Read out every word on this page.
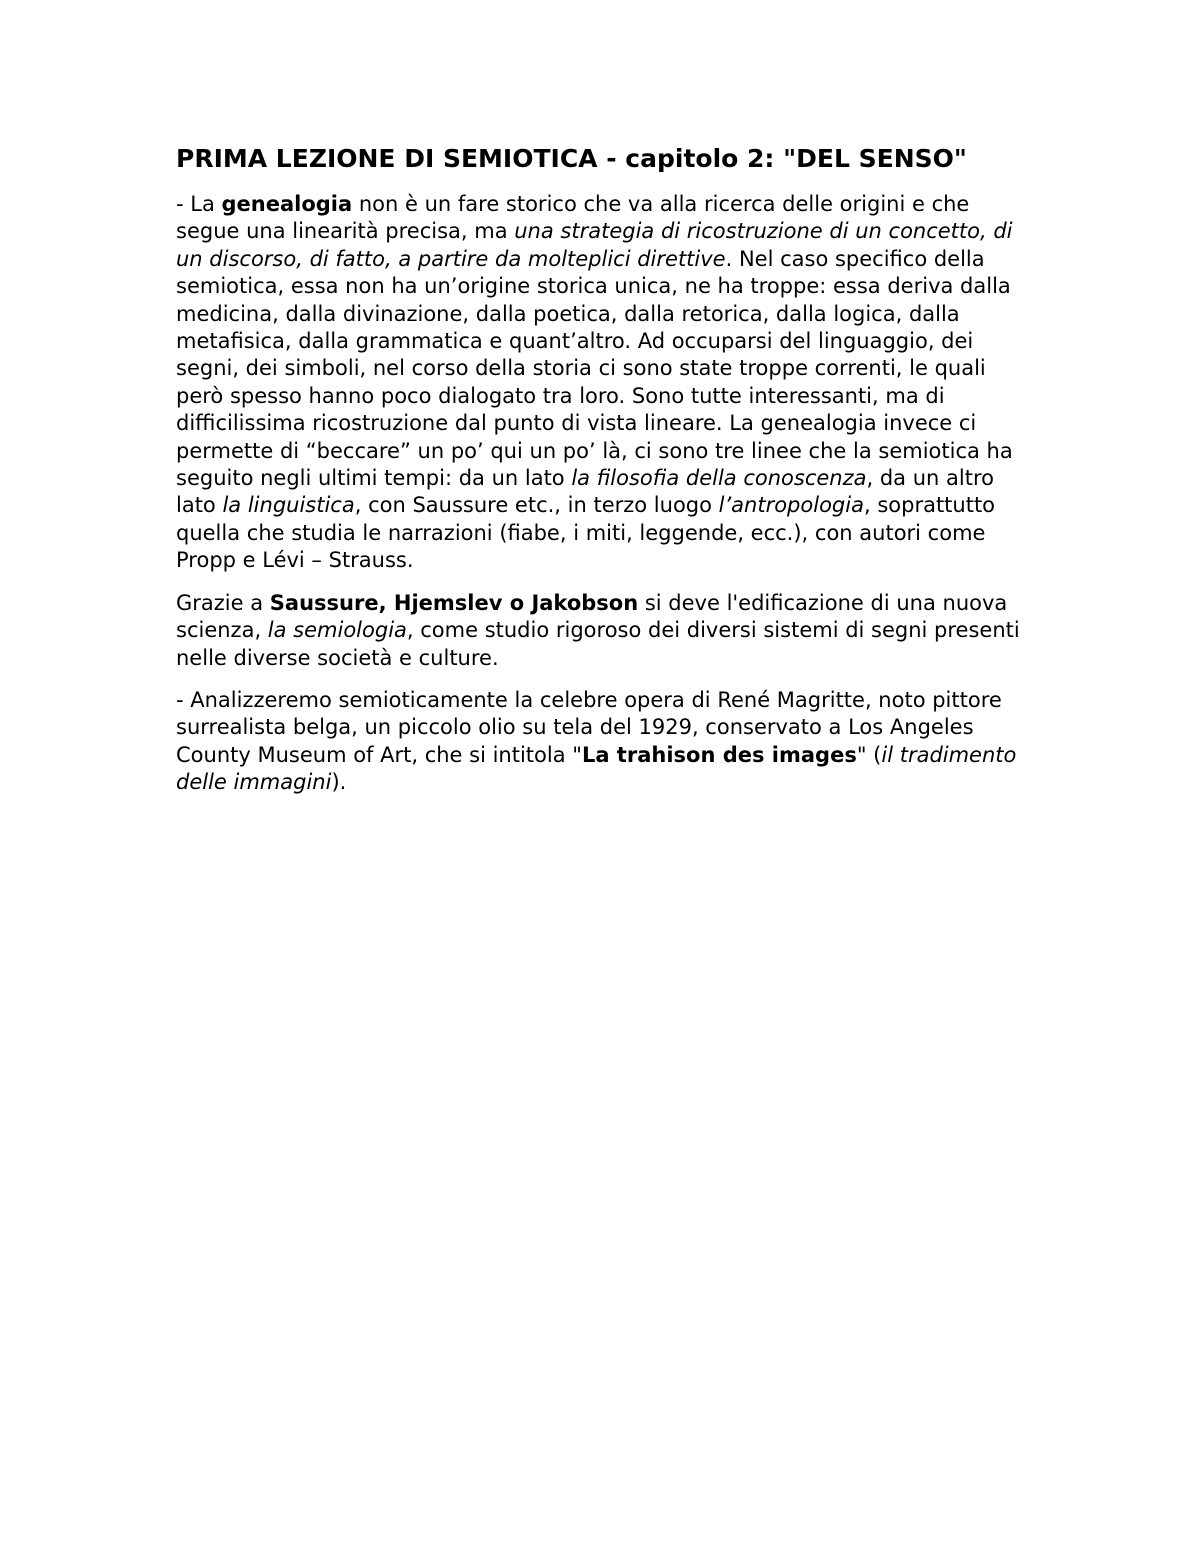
PRIMA LEZIONE DI SEMIOTICA - capitolo 2: "DEL SENSO"

- La genealogia non è un fare storico che va alla ricerca delle origini e che segue una linearità precisa, ma una strategia di ricostruzione di un concetto, di un discorso, di fatto, a partire da molteplici direttive. Nel caso specifico della semiotica, essa non ha un’origine storica unica, ne ha troppe: essa deriva dalla medicina, dalla divinazione, dalla poetica, dalla retorica, dalla logica, dalla metafisica, dalla grammatica e quant’altro. Ad occuparsi del linguaggio, dei segni, dei simboli, nel corso della storia ci sono state troppe correnti, le quali però spesso hanno poco dialogato tra loro. Sono tutte interessanti, ma di difficilissima ricostruzione dal punto di vista lineare. La genealogia invece ci permette di “beccare” un po’ qui un po’ là, ci sono tre linee che la semiotica ha seguito negli ultimi tempi: da un lato la filosofia della conoscenza, da un altro lato la linguistica, con Saussure etc., in terzo luogo l’antropologia, soprattutto quella che studia le narrazioni (fiabe, i miti, leggende, ecc.), con autori come Propp e Lévi – Strauss.

Grazie a Saussure, Hjemslev o Jakobson si deve l'edificazione di una nuova scienza, la semiologia, come studio rigoroso dei diversi sistemi di segni presenti nelle diverse società e culture.

- Analizzeremo semioticamente la celebre opera di René Magritte, noto pittore surrealista belga, un piccolo olio su tela del 1929, conservato a Los Angeles County Museum of Art, che si intitola "La trahison des images" (il tradimento delle immagini).
